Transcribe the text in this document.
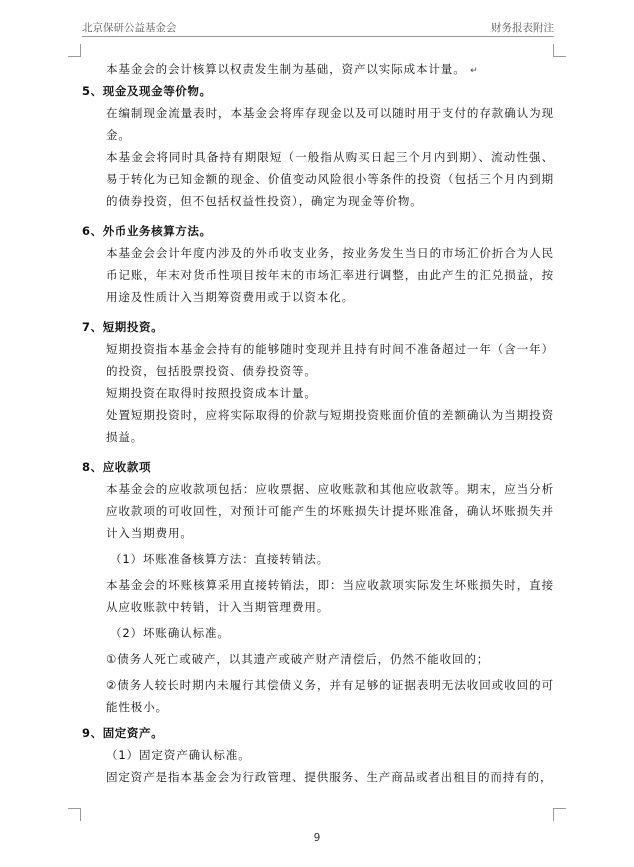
北京保研公益基金会	财务报表附注
本基金会的会计核算以权责发生制为基础，资产以实际成本计量。 ↵
5、现金及现金等价物。

在编制现金流量表时，本基金会将库存现金以及可以随时用于支付的存款确认为现金。

本基金会将同时具备持有期限短（一般指从购买日起三个月内到期）、流动性强、易于转化为已知金额的现金、价值变动风险很小等条件的投资（包括三个月内到期的债券投资，但不包括权益性投资），确定为现金等价物。

6、外币业务核算方法。

本基金会会计年度内涉及的外币收支业务，按业务发生当日的市场汇价折合为人民币记账，年末对货币性项目按年末的市场汇率进行调整，由此产生的汇兑损益，按用途及性质计入当期筹资费用或于以资本化。

7、短期投资。

短期投资指本基金会持有的能够随时变现并且持有时间不准备超过一年（含一年）的投资，包括股票投资、债券投资等。

短期投资在取得时按照投资成本计量。

处置短期投资时，应将实际取得的价款与短期投资账面价值的差额确认为当期投资损益。

8、应收款项

本基金会的应收款项包括：应收票据、应收账款和其他应收款等。期末，应当分析应收款项的可收回性，对预计可能产生的坏账损失计提坏账准备，确认坏账损失并计入当期费用。

（1）坏账准备核算方法：直接转销法。

本基金会的坏账核算采用直接转销法，即：当应收款项实际发生坏账损失时，直接从应收账款中转销，计入当期管理费用。

（2）坏账确认标准。
①债务人死亡或破产，以其遗产或破产财产清偿后，仍然不能收回的；

②债务人较长时期内未履行其偿债义务，并有足够的证据表明无法收回或收回的可能性极小。

9、固定资产。
（1）固定资产确认标准。

固定资产是指本基金会为行政管理、提供服务、生产商品或者出租目的而持有的，

9
